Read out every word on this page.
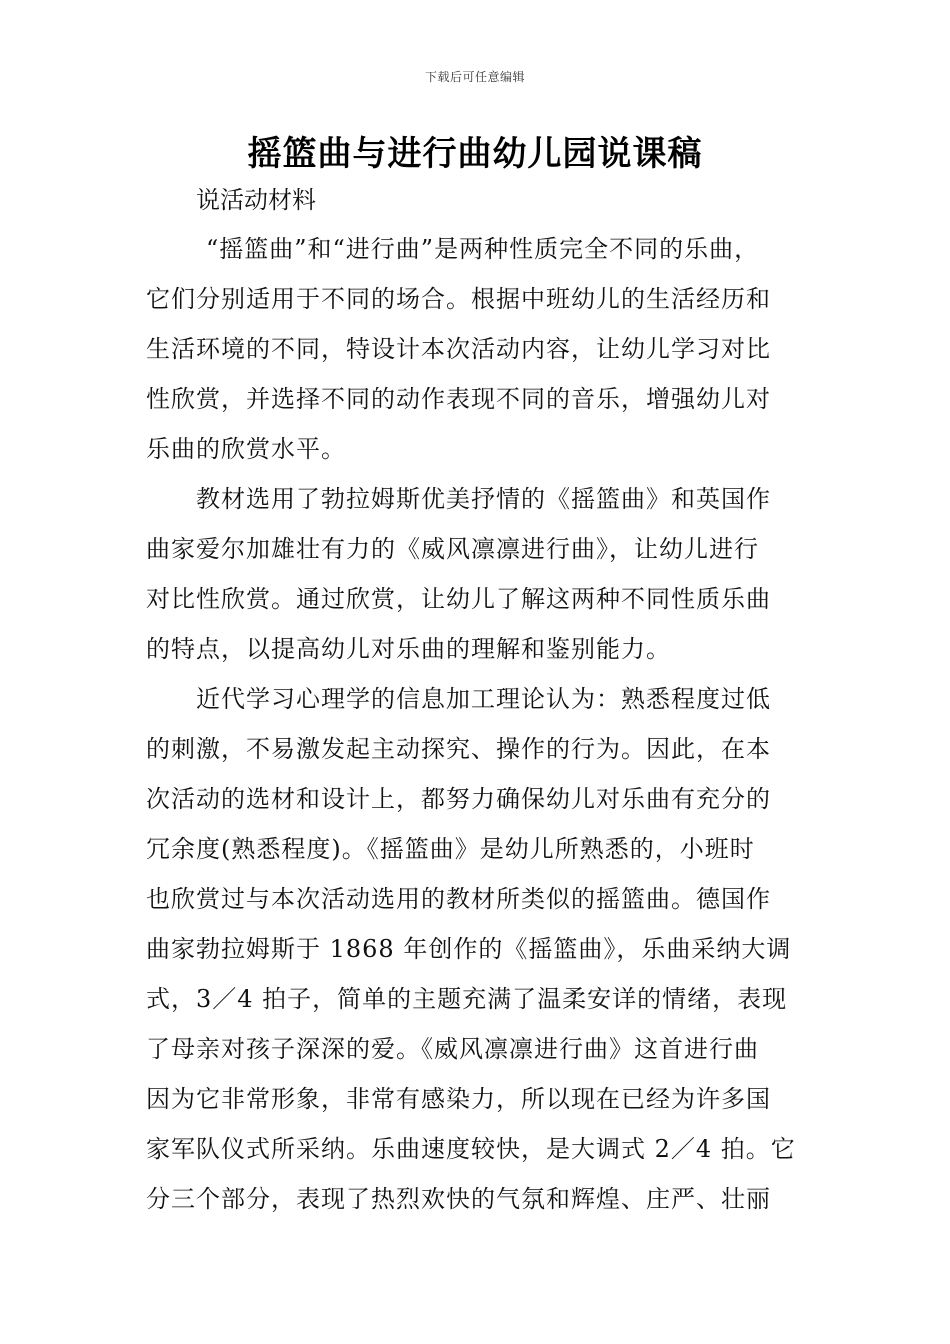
下载后可任意编辑
摇篮曲与进行曲幼儿园说课稿
说活动材料
“摇篮曲”和“进行曲”是两种性质完全不同的乐曲，
它们分别适用于不同的场合。根据中班幼儿的生活经历和
生活环境的不同，特设计本次活动内容，让幼儿学习对比
性欣赏，并选择不同的动作表现不同的音乐，增强幼儿对
乐曲的欣赏水平。
教材选用了勃拉姆斯优美抒情的《摇篮曲》和英国作
曲家爱尔加雄壮有力的《威风凛凛进行曲》，让幼儿进行
对比性欣赏。通过欣赏，让幼儿了解这两种不同性质乐曲
的特点，以提高幼儿对乐曲的理解和鉴别能力。
近代学习心理学的信息加工理论认为：熟悉程度过低
的刺激，不易激发起主动探究、操作的行为。因此，在本
次活动的选材和设计上，都努力确保幼儿对乐曲有充分的
冗余度(熟悉程度)。《摇篮曲》是幼儿所熟悉的，小班时
也欣赏过与本次活动选用的教材所类似的摇篮曲。德国作
曲家勃拉姆斯于 1868 年创作的《摇篮曲》，乐曲采纳大调
式，3／4 拍子，简单的主题充满了温柔安详的情绪，表现
了母亲对孩子深深的爱。《威风凛凛进行曲》这首进行曲
因为它非常形象，非常有感染力，所以现在已经为许多国
家军队仪式所采纳。乐曲速度较快，是大调式 2／4 拍。它
分三个部分，表现了热烈欢快的气氛和辉煌、庄严、壮丽
